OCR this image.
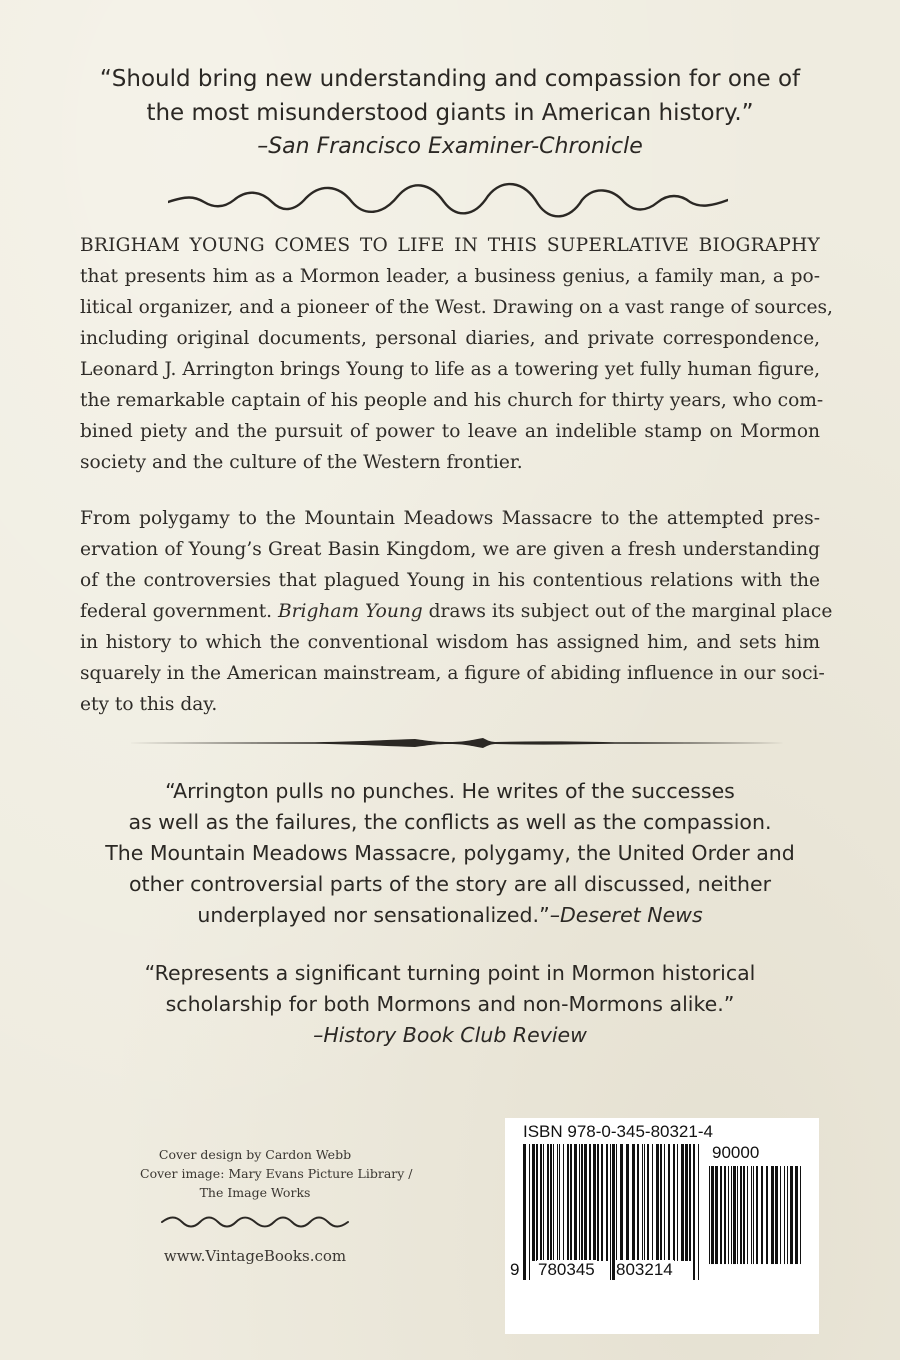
“Should bring new understanding and compassion for one of
the most misunderstood giants in American history.”
–San Francisco Examiner-Chronicle
BRIGHAM YOUNG COMES TO LIFE IN THIS SUPERLATIVE BIOGRAPHY
that presents him as a Mormon leader, a business genius, a family man, a po-
litical organizer, and a pioneer of the West. Drawing on a vast range of sources,
including original documents, personal diaries, and private correspondence,
Leonard J. Arrington brings Young to life as a towering yet fully human figure,
the remarkable captain of his people and his church for thirty years, who com-
bined piety and the pursuit of power to leave an indelible stamp on Mormon
society and the culture of the Western frontier.
From polygamy to the Mountain Meadows Massacre to the attempted pres-
ervation of Young’s Great Basin Kingdom, we are given a fresh understanding
of the controversies that plagued Young in his contentious relations with the
federal government. Brigham Young draws its subject out of the marginal place
in history to which the conventional wisdom has assigned him, and sets him
squarely in the American mainstream, a figure of abiding influence in our soci-
ety to this day.
“Arrington pulls no punches. He writes of the successes
as well as the failures, the conflicts as well as the compassion.
The Mountain Meadows Massacre, polygamy, the United Order and
other controversial parts of the story are all discussed, neither
underplayed nor sensationalized.”–Deseret News
“Represents a significant turning point in Mormon historical
scholarship for both Mormons and non-Mormons alike.”
–History Book Club Review
Cover design by Cardon Webb
Cover image: Mary Evans Picture Library /
The Image Works
www.VintageBooks.com
ISBN 978-0-345-80321-4
90000
9 780345 803214
